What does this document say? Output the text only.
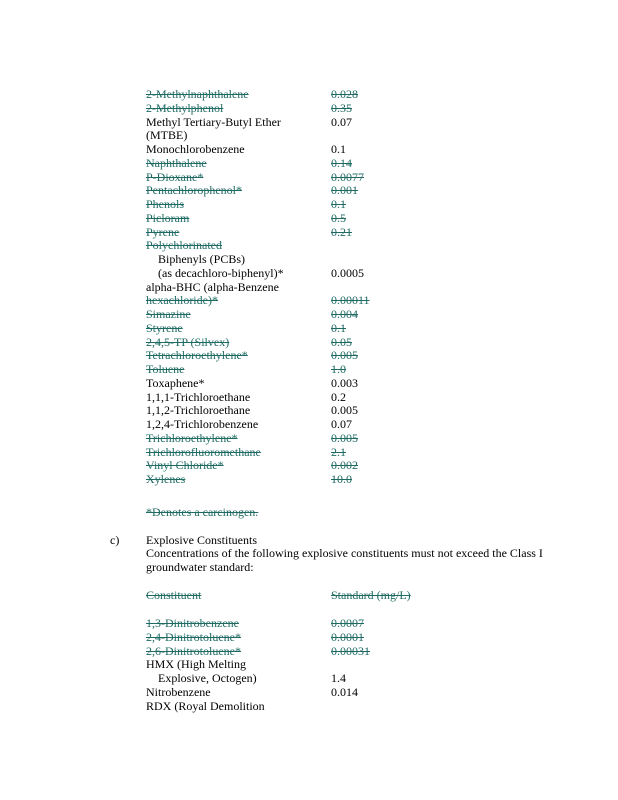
2-Methylnaphthalene	0.028
2-Methylphenol	0.35
Methyl Tertiary-Butyl Ether	0.07
(MTBE)
Monochlorobenzene	0.1
Naphthalene	0.14
P-Dioxane*	0.0077
Pentachlorophenol*	0.001
Phenols	0.1
Picloram	0.5
Pyrene	0.21
Polychlorinated
Biphenyls (PCBs)
(as decachloro-biphenyl)*	0.0005
alpha-BHC (alpha-Benzene
hexachloride)*	0.00011
Simazine	0.004
Styrene	0.1
2,4,5-TP (Silvex)	0.05
Tetrachloroethylene*	0.005
Toluene	1.0
Toxaphene*	0.003
1,1,1-Trichloroethane	0.2
1,1,2-Trichloroethane	0.005
1,2,4-Trichlorobenzene	0.07
Trichloroethylene*	0.005
Trichlorofluoromethane	2.1
Vinyl Chloride*	0.002
Xylenes	10.0
*Denotes a carcinogen.
c) Explosive Constituents
Concentrations of the following explosive constituents must not exceed the Class I groundwater standard:
Constituent	Standard (mg/L)
1,3-Dinitrobenzene	0.0007
2,4-Dinitrotoluene*	0.0001
2,6-Dinitrotoluene*	0.00031
HMX (High Melting
Explosive, Octogen)	1.4
Nitrobenzene	0.014
RDX (Royal Demolition
